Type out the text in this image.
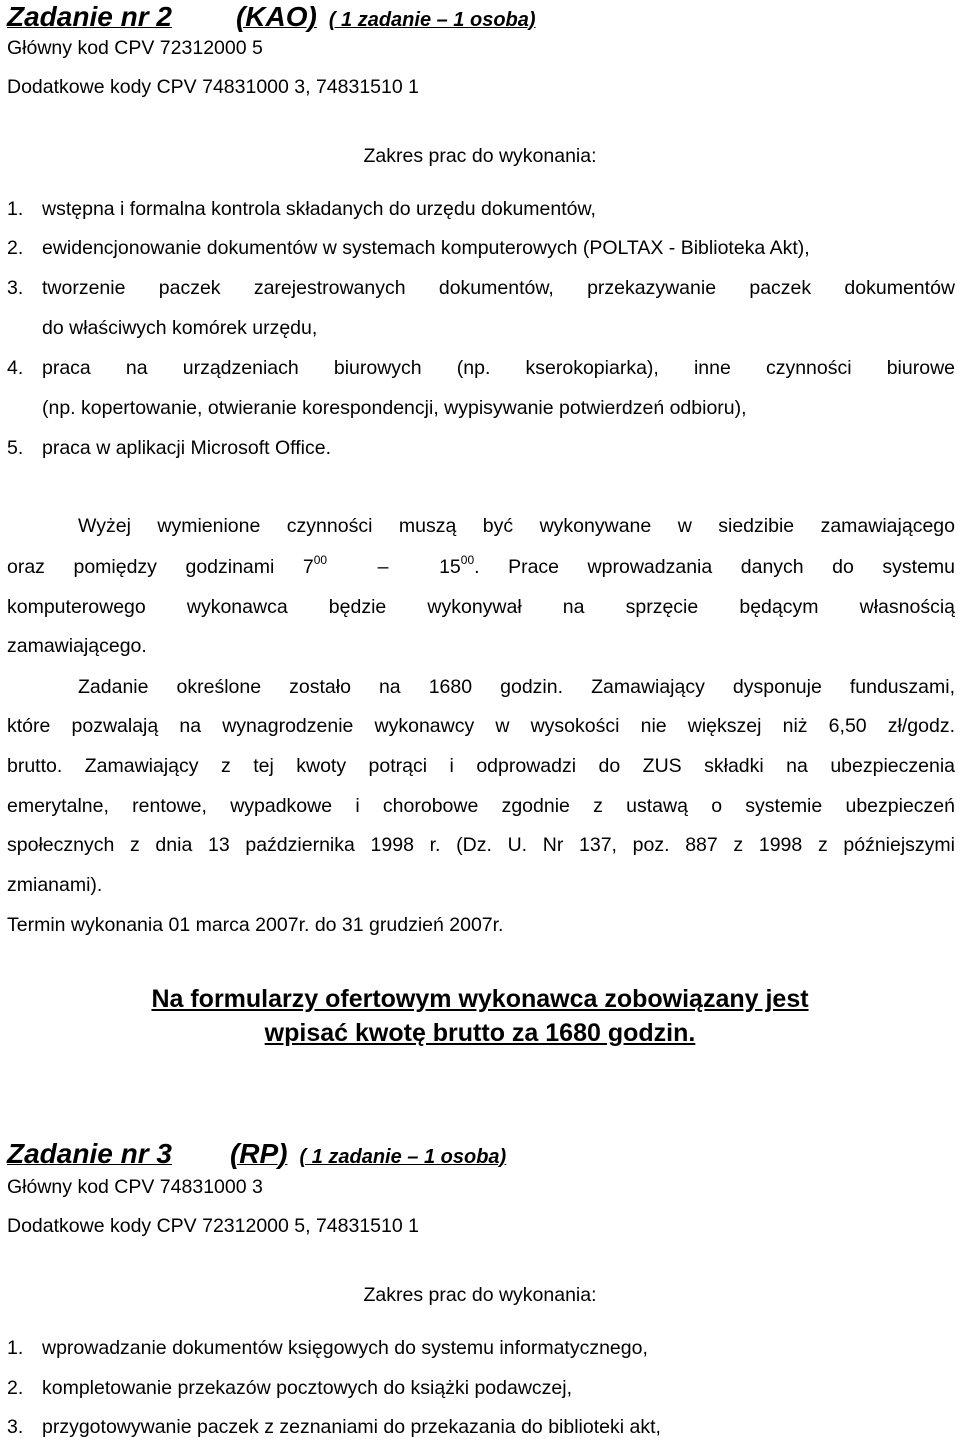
Zadanie nr 2 (KAO) ( 1 zadanie – 1 osoba)
Główny kod CPV 72312000 5
Dodatkowe kody CPV 74831000 3, 74831510 1
Zakres prac do wykonania:
1. wstępna i formalna kontrola składanych do urzędu dokumentów,
2. ewidencjonowanie dokumentów w systemach komputerowych (POLTAX - Biblioteka Akt),
3. tworzenie paczek zarejestrowanych dokumentów, przekazywanie paczek dokumentów
do właściwych komórek urzędu,
4. praca na urządzeniach biurowych (np. kserokopiarka), inne czynności biurowe
(np. kopertowanie, otwieranie korespondencji, wypisywanie potwierdzeń odbioru),
5. praca w aplikacji Microsoft Office.
Wyżej wymienione czynności muszą być wykonywane w siedzibie zamawiającego
oraz pomiędzy godzinami $7^{00}$	–	$15^{00}$. Prace wprowadzania danych do systemu
komputerowego wykonawca będzie wykonywał na sprzęcie będącym własnością
zamawiającego.
Zadanie określone zostało na 1680 godzin. Zamawiający dysponuje funduszami,
które pozwalają na wynagrodzenie wykonawcy w wysokości nie większej niż 6,50 zł/godz.
brutto. Zamawiający z tej kwoty potrąci i odprowadzi do ZUS składki na ubezpieczenia
emerytalne, rentowe, wypadkowe i chorobowe zgodnie z ustawą o systemie ubezpieczeń
społecznych z dnia 13 października 1998 r. (Dz. U. Nr 137, poz. 887 z 1998 z późniejszymi
zmianami).
Termin wykonania 01 marca 2007r. do 31 grudzień 2007r.
Na formularzy ofertowym wykonawca zobowiązany jest
wpisać kwotę brutto za 1680 godzin.
Zadanie nr 3 (RP) ( 1 zadanie – 1 osoba)
Główny kod CPV 74831000 3
Dodatkowe kody CPV 72312000 5, 74831510 1
Zakres prac do wykonania:
1. wprowadzanie dokumentów księgowych do systemu informatycznego,
2. kompletowanie przekazów pocztowych do książki podawczej,
3. przygotowywanie paczek z zeznaniami do przekazania do biblioteki akt,
